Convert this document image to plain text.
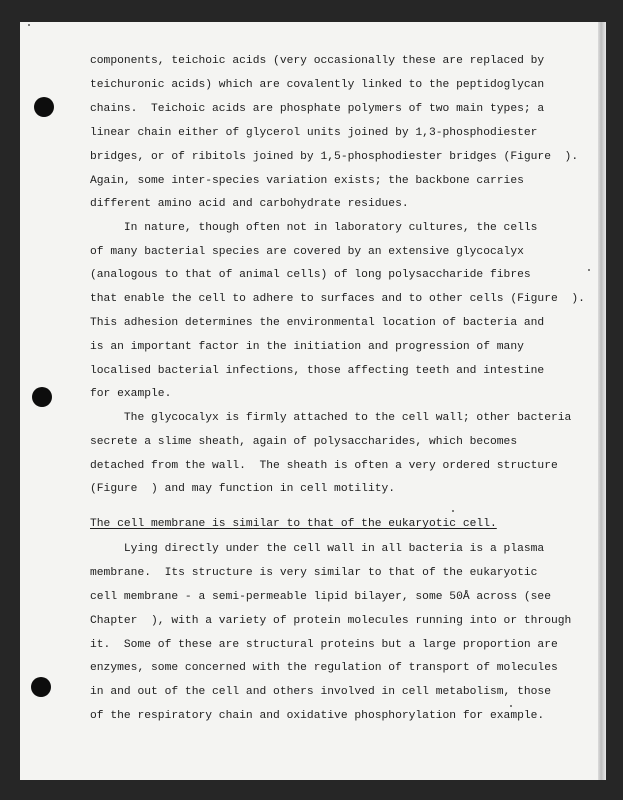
components, teichoic acids (very occasionally these are replaced by

teichuronic acids) which are covalently linked to the peptidoglycan

chains.  Teichoic acids are phosphate polymers of two main types; a

linear chain either of glycerol units joined by 1,3-phosphodiester

bridges, or of ribitols joined by 1,5-phosphodiester bridges (Figure  ).

Again, some inter-species variation exists; the backbone carries

different amino acid and carbohydrate residues.

In nature, though often not in laboratory cultures, the cells

of many bacterial species are covered by an extensive glycocalyx

(analogous to that of animal cells) of long polysaccharide fibres

that enable the cell to adhere to surfaces and to other cells (Figure  ).

This adhesion determines the environmental location of bacteria and

is an important factor in the initiation and progression of many

localised bacterial infections, those affecting teeth and intestine

for example.

The glycocalyx is firmly attached to the cell wall; other bacteria

secrete a slime sheath, again of polysaccharides, which becomes

detached from the wall.  The sheath is often a very ordered structure

(Figure  ) and may function in cell motility.

The cell membrane is similar to that of the eukaryotic cell.

Lying directly under the cell wall in all bacteria is a plasma

membrane.  Its structure is very similar to that of the eukaryotic

cell membrane - a semi-permeable lipid bilayer, some 50Å across (see

Chapter  ), with a variety of protein molecules running into or through

it.  Some of these are structural proteins but a large proportion are

enzymes, some concerned with the regulation of transport of molecules

in and out of the cell and others involved in cell metabolism, those

of the respiratory chain and oxidative phosphorylation for example.
